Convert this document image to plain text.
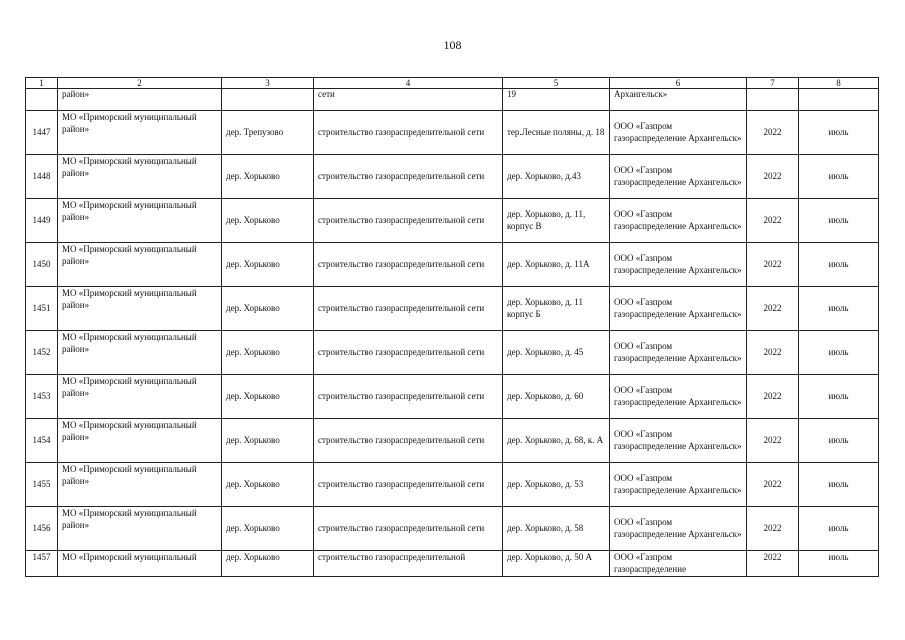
108
1	2	3	4	5	6	7	8
	район»		сети	19	Архангельск»		
1447	МО «Приморский муниципальный район»	дер. Трепузово	строительство газораспределительной сети	тер.Лесные поляны, д. 18	ООО «Газпром газораспределение Архангельск»	2022	июль
1448	МО «Приморский муниципальный район»	дер. Хорьково	строительство газораспределительной сети	дер. Хорьково, д.43	ООО «Газпром газораспределение Архангельск»	2022	июль
1449	МО «Приморский муниципальный район»	дер. Хорьково	строительство газораспределительной сети	дер. Хорьково, д. 11, корпус В	ООО «Газпром газораспределение Архангельск»	2022	июль
1450	МО «Приморский муниципальный район»	дер. Хорьково	строительство газораспределительной сети	дер. Хорьково, д. 11А	ООО «Газпром газораспределение Архангельск»	2022	июль
1451	МО «Приморский муниципальный район»	дер. Хорьково	строительство газораспределительной сети	дер. Хорьково, д. 11 корпус Б	ООО «Газпром газораспределение Архангельск»	2022	июль
1452	МО «Приморский муниципальный район»	дер. Хорьково	строительство газораспределительной сети	дер. Хорьково, д. 45	ООО «Газпром газораспределение Архангельск»	2022	июль
1453	МО «Приморский муниципальный район»	дер. Хорьково	строительство газораспределительной сети	дер. Хорьково, д. 60	ООО «Газпром газораспределение Архангельск»	2022	июль
1454	МО «Приморский муниципальный район»	дер. Хорьково	строительство газораспределительной сети	дер. Хорьково, д. 68, к. А	ООО «Газпром газораспределение Архангельск»	2022	июль
1455	МО «Приморский муниципальный район»	дер. Хорьково	строительство газораспределительной сети	дер. Хорьково, д. 53	ООО «Газпром газораспределение Архангельск»	2022	июль
1456	МО «Приморский муниципальный район»	дер. Хорьково	строительство газораспределительной сети	дер. Хорьково, д. 58	ООО «Газпром газораспределение Архангельск»	2022	июль
1457	МО «Приморский муниципальный	дер. Хорьково	строительство газораспределительной	дер. Хорьково, д. 50 А	ООО «Газпром газораспределение	2022	июль
